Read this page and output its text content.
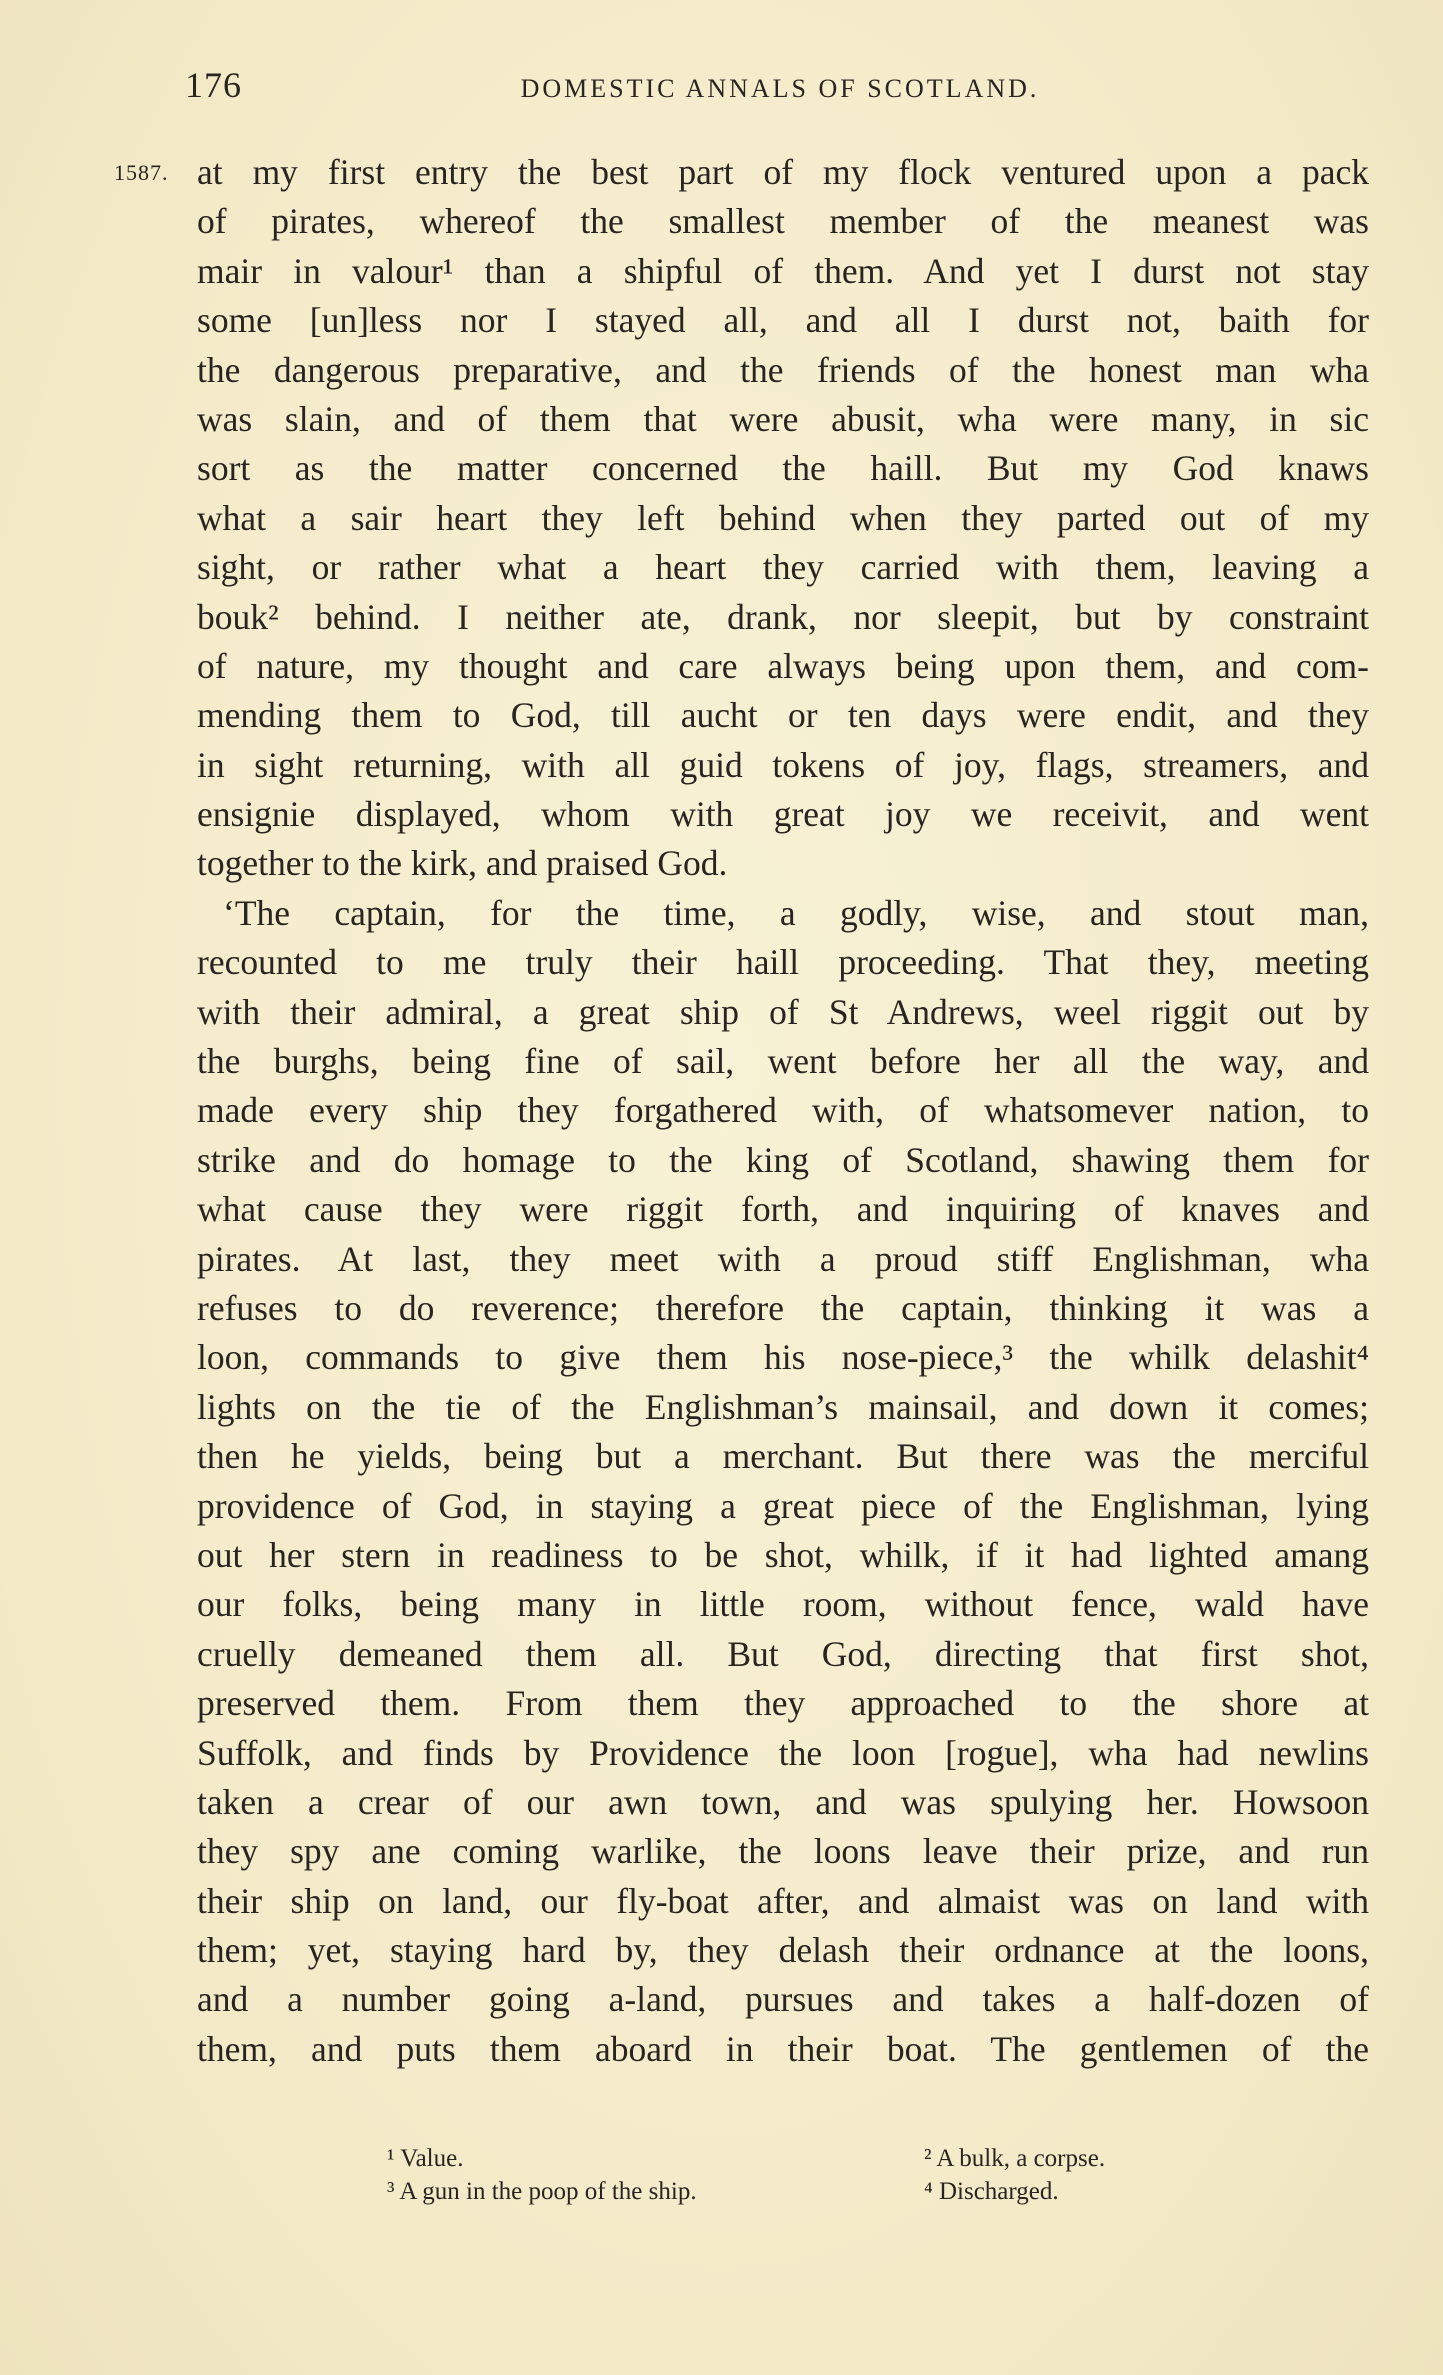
176	DOMESTIC ANNALS OF SCOTLAND.
1587. at my first entry the best part of my flock ventured upon a pack
of pirates, whereof the smallest member of the meanest was
mair in valour¹ than a shipful of them. And yet I durst not stay
some [un]less nor I stayed all, and all I durst not, baith for
the dangerous preparative, and the friends of the honest man wha
was slain, and of them that were abusit, wha were many, in sic
sort as the matter concerned the haill. But my God knaws
what a sair heart they left behind when they parted out of my
sight, or rather what a heart they carried with them, leaving a
bouk² behind. I neither ate, drank, nor sleepit, but by constraint
of nature, my thought and care always being upon them, and com-
mending them to God, till aucht or ten days were endit, and they
in sight returning, with all guid tokens of joy, flags, streamers, and
ensignie displayed, whom with great joy we receivit, and went
together to the kirk, and praised God.
‘The captain, for the time, a godly, wise, and stout man,
recounted to me truly their haill proceeding. That they, meeting
with their admiral, a great ship of St Andrews, weel riggit out by
the burghs, being fine of sail, went before her all the way, and
made every ship they forgathered with, of whatsomever nation, to
strike and do homage to the king of Scotland, shawing them for
what cause they were riggit forth, and inquiring of knaves and
pirates. At last, they meet with a proud stiff Englishman, wha
refuses to do reverence; therefore the captain, thinking it was a
loon, commands to give them his nose-piece,³ the whilk delashit⁴
lights on the tie of the Englishman’s mainsail, and down it comes;
then he yields, being but a merchant. But there was the merciful
providence of God, in staying a great piece of the Englishman, lying
out her stern in readiness to be shot, whilk, if it had lighted amang
our folks, being many in little room, without fence, wald have
cruelly demeaned them all. But God, directing that first shot,
preserved them. From them they approached to the shore at
Suffolk, and finds by Providence the loon [rogue], wha had newlins
taken a crear of our awn town, and was spulying her. Howsoon
they spy ane coming warlike, the loons leave their prize, and run
their ship on land, our fly-boat after, and almaist was on land with
them; yet, staying hard by, they delash their ordnance at the loons,
and a number going a-land, pursues and takes a half-dozen of
them, and puts them aboard in their boat. The gentlemen of the
¹ Value.	² A bulk, a corpse.
³ A gun in the poop of the ship.	⁴ Discharged.
